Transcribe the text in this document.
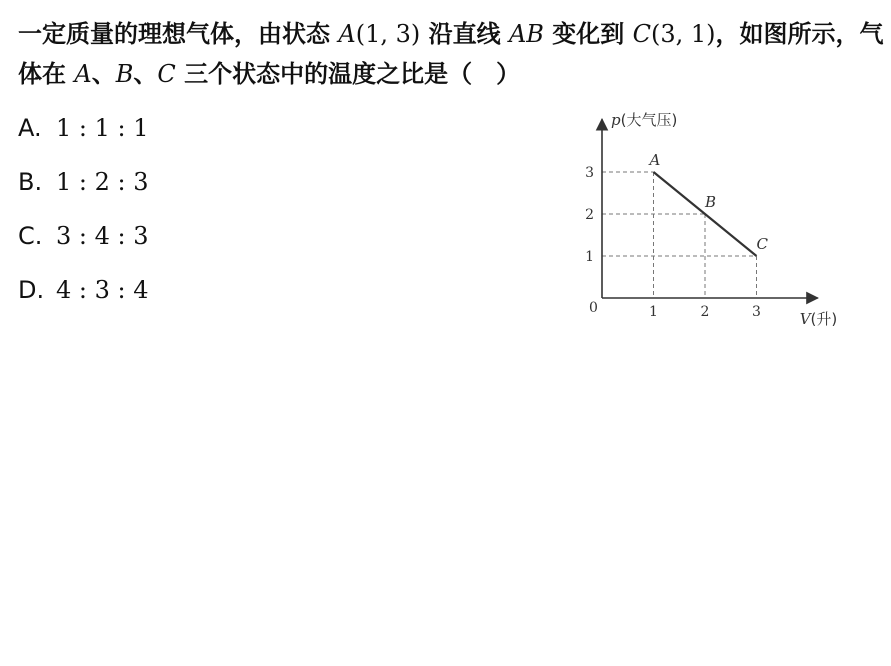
一定质量的理想气体，由状态 A(1, 3) 沿直线 AB 变化到 C(3, 1)，如图所示，气体在 A、B、C 三个状态中的温度之比是（　）
A. 1 : 1 : 1
B. 1 : 2 : 3
C. 3 : 4 : 3
D. 4 : 3 : 4
1	2	3
1
2
3
A
B
C
p(大气压)
V(升)
0
